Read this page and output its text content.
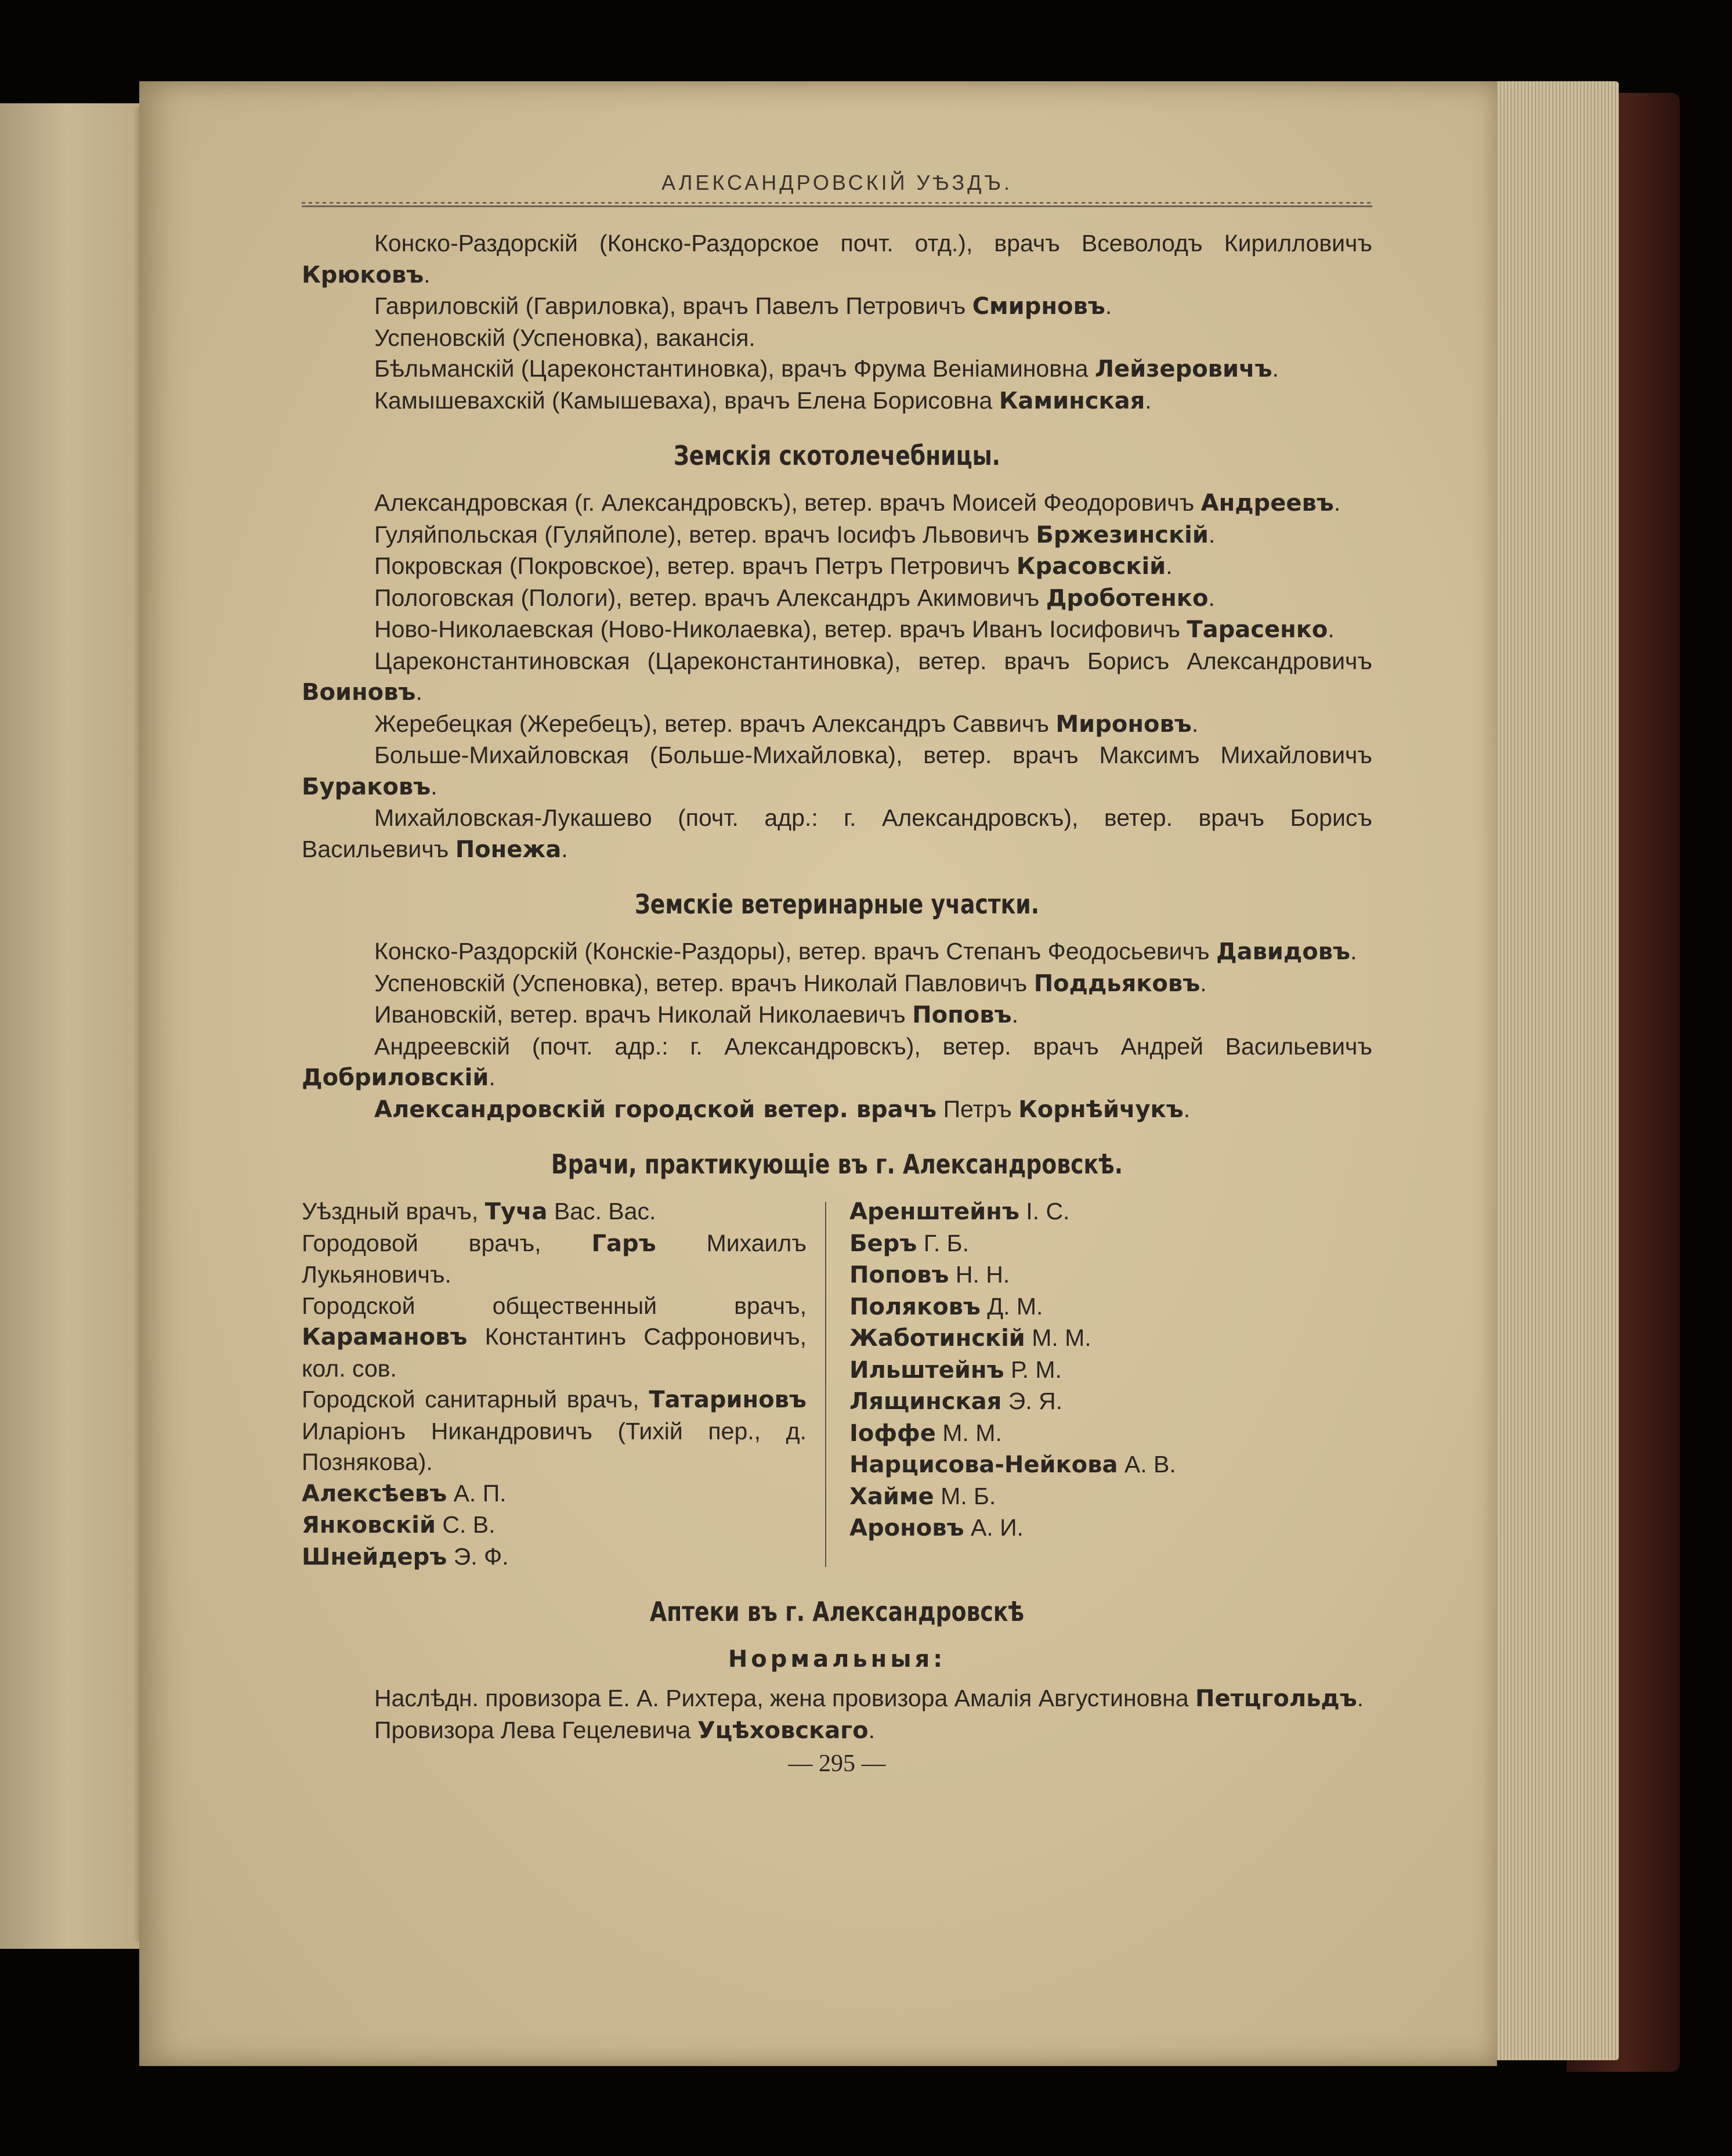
АЛЕКСАНДРОВСКІЙ УѢЗДЪ.

Конско-Раздорскій (Конско-Раздорское почт. отд.), врачъ Всеволодъ Кирилловичъ Крюковъ.

Гавриловскій (Гавриловка), врачъ Павелъ Петровичъ Смирновъ.

Успеновскій (Успеновка), вакансія.

Бѣльманскій (Цареконстантиновка), врачъ Фрума Веніаминовна Лейзеровичъ.

Камышевахскій (Камышеваха), врачъ Елена Борисовна Каминская.

Земскія скотолечебницы.

Александровская (г. Александровскъ), ветер. врачъ Моисей Феодоровичъ Андреевъ.

Гуляйпольская (Гуляйполе), ветер. врачъ Іосифъ Львовичъ Бржезинскій.

Покровская (Покровское), ветер. врачъ Петръ Петровичъ Красовскій.

Пологовская (Пологи), ветер. врачъ Александръ Акимовичъ Дроботенко.

Ново-Николаевская (Ново-Николаевка), ветер. врачъ Иванъ Іосифовичъ Тарасенко.

Цареконстантиновская (Цареконстантиновка), ветер. врачъ Борисъ Александровичъ Воиновъ.

Жеребецкая (Жеребецъ), ветер. врачъ Александръ Саввичъ Мироновъ.

Больше-Михайловская (Больше-Михайловка), ветер. врачъ Максимъ Михайловичъ Бураковъ.

Михайловская-Лукашево (почт. адр.: г. Александровскъ), ветер. врачъ Борисъ Васильевичъ Понежа.

Земскіе ветеринарные участки.

Конско-Раздорскій (Конскіе-Раздоры), ветер. врачъ Степанъ Феодосьевичъ Давидовъ.

Успеновскій (Успеновка), ветер. врачъ Николай Павловичъ Поддьяковъ.

Ивановскій, ветер. врачъ Николай Николаевичъ Поповъ.

Андреевскій (почт. адр.: г. Александровскъ), ветер. врачъ Андрей Васильевичъ Добриловскій.

Александровскій городской ветер. врачъ Петръ Корнѣйчукъ.

Врачи, практикующіе въ г. Александровскѣ.

Уѣздный врачъ, Туча Вас. Вас.

Городовой врачъ, Гаръ Михаилъ Лукьяновичъ.

Городской общественный врачъ, Карамановъ Константинъ Сафроновичъ, кол. сов.

Городской санитарный врачъ, Татариновъ Иларіонъ Никандровичъ (Тихій пер., д. Познякова).

Алексѣевъ А. П.

Янковскій С. В.

Шнейдеръ Э. Ф.

Аренштейнъ І. С.

Беръ Г. Б.

Поповъ Н. Н.

Поляковъ Д. М.

Жаботинскій М. М.

Ильштейнъ Р. М.

Лящинская Э. Я.

Іоффе М. М.

Нарцисова-Нейкова А. В.

Хайме М. Б.

Ароновъ А. И.

Аптеки въ г. Александровскѣ
Нормальныя:

Наслѣдн. провизора Е. А. Рихтера, жена провизора Амалія Августиновна Петцгольдъ.

Провизора Лева Гецелевича Уцѣховскаго.

— 295 —
